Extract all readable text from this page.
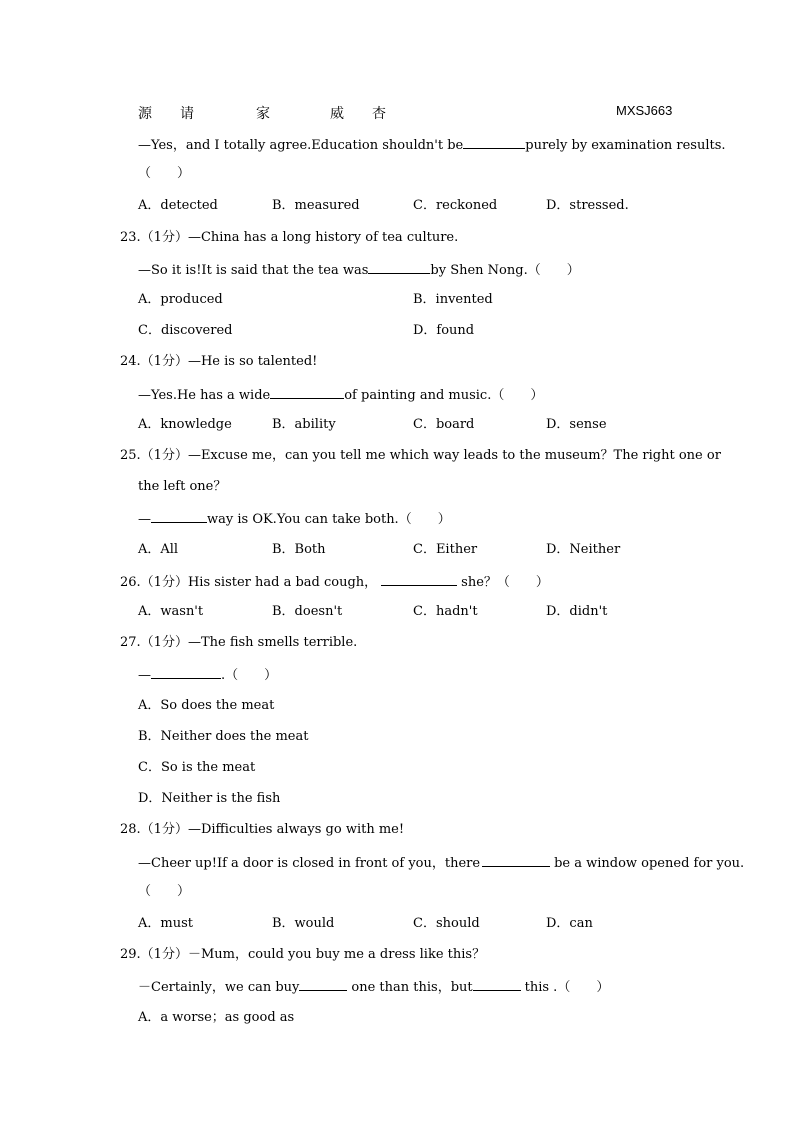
源 请	家	威 杏	MXSJ663
—Yes，and I totally agree.Education shouldn't be	purely by examination results.
（　　）
A．detected	B．measured	C．reckoned	D．stressed.
23.（1分）—China has a long history of tea culture.
—So it is!It is said that the tea was	by Shen Nong.（　　）
A．produced	B．invented
C．discovered	D．found
24.（1分）—He is so talented!
—Yes.He has a wide	of painting and music.（　　）
A．knowledge	B．ability	C．board	D．sense
25.（1分）—Excuse me，can you tell me which way leads to the museum？The right one or
the left one？
—	way is OK.You can take both.（　　）
A．All	B．Both	C．Either	D．Neither
26.（1分）His sister had a bad cough，	she？（　　）
A．wasn't	B．doesn't	C．hadn't	D．didn't
27.（1分）—The fish smells terrible.
—	.（　　）
A．So does the meat
B．Neither does the meat
C．So is the meat
D．Neither is the fish
28.（1分）—Difficulties always go with me!
—Cheer up!If a door is closed in front of you，there	be a window opened for you.
（　　）
A．must	B．would	C．should	D．can
29.（1分）－Mum，could you buy me a dress like this？
－Certainly，we can buy	one than this，but	this .（　　）
A．a worse；as good as
